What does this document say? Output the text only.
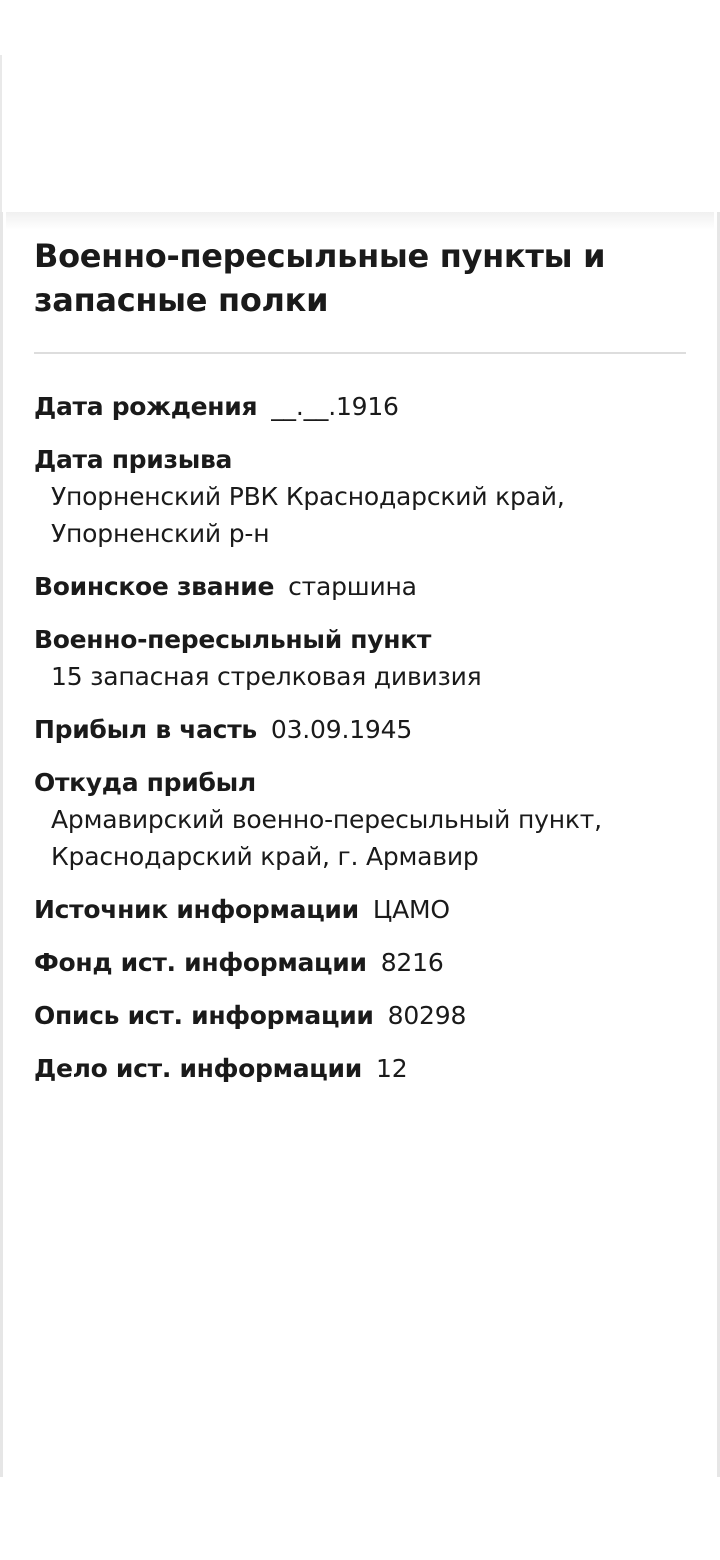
Военно-пересыльные пункты и запасные полки
Дата рождения __.__.1916
Дата призыва
Упорненский РВК Краснодарский край, Упорненский р-н
Воинское звание старшина
Военно-пересыльный пункт
15 запасная стрелковая дивизия
Прибыл в часть 03.09.1945
Откуда прибыл
Армавирский военно-пересыльный пункт, Краснодарский край, г. Армавир
Источник информации ЦАМО
Фонд ист. информации 8216
Опись ист. информации 80298
Дело ист. информации 12
